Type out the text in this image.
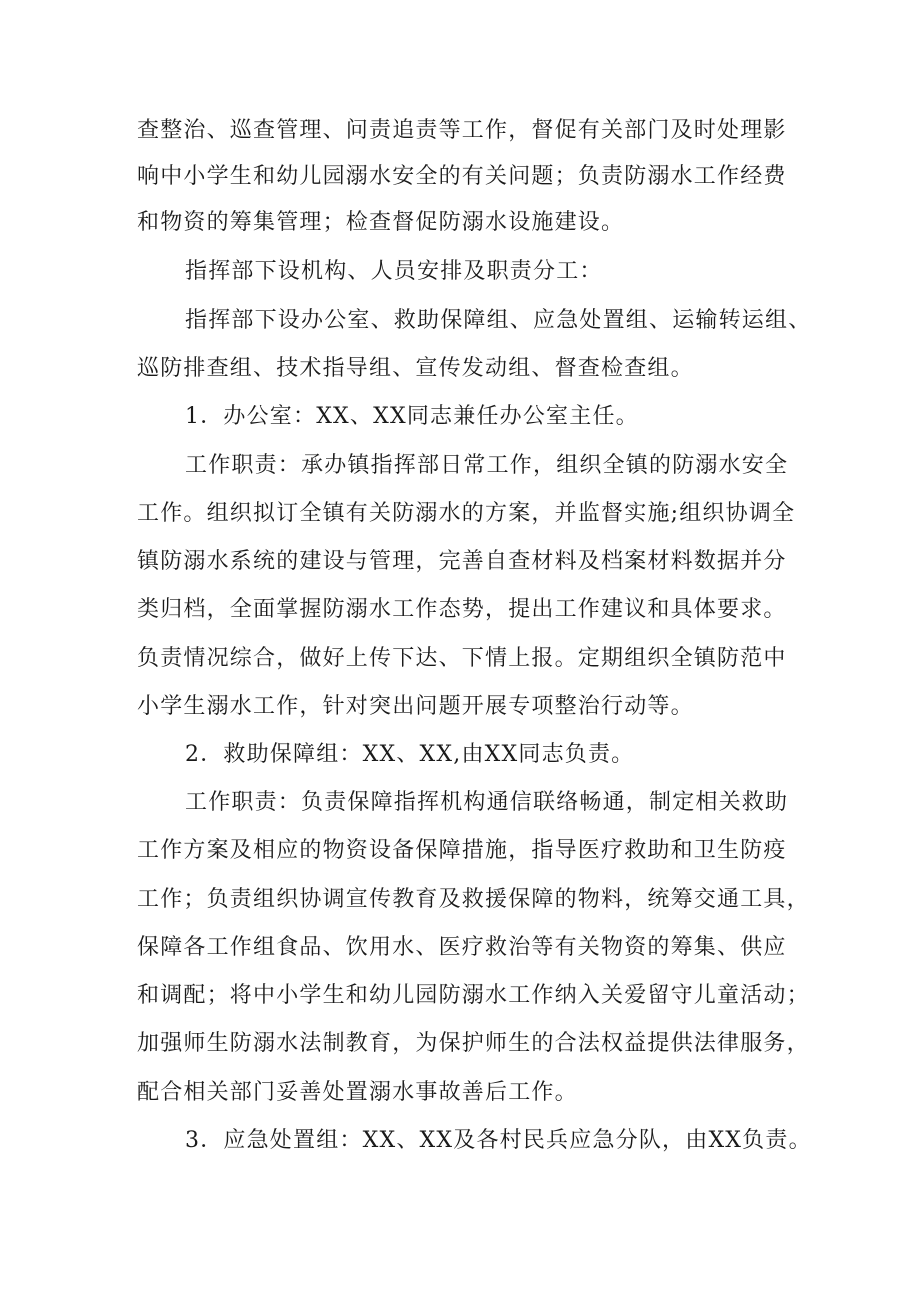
查整治、巡查管理、问责追责等工作，督促有关部门及时处理影
响中小学生和幼儿园溺水安全的有关问题；负责防溺水工作经费
和物资的筹集管理；检查督促防溺水设施建设。
指挥部下设机构、人员安排及职责分工：
指挥部下设办公室、救助保障组、应急处置组、运输转运组、
巡防排查组、技术指导组、宣传发动组、督查检查组。
1．办公室：XX、XX同志兼任办公室主任。
工作职责：承办镇指挥部日常工作，组织全镇的防溺水安全
工作。组织拟订全镇有关防溺水的方案，并监督实施;组织协调全
镇防溺水系统的建设与管理，完善自查材料及档案材料数据并分
类归档，全面掌握防溺水工作态势，提出工作建议和具体要求。
负责情况综合，做好上传下达、下情上报。定期组织全镇防范中
小学生溺水工作，针对突出问题开展专项整治行动等。
2．救助保障组：XX、XX,由XX同志负责。
工作职责：负责保障指挥机构通信联络畅通，制定相关救助
工作方案及相应的物资设备保障措施，指导医疗救助和卫生防疫
工作；负责组织协调宣传教育及救援保障的物料，统筹交通工具，
保障各工作组食品、饮用水、医疗救治等有关物资的筹集、供应
和调配；将中小学生和幼儿园防溺水工作纳入关爱留守儿童活动；
加强师生防溺水法制教育，为保护师生的合法权益提供法律服务，
配合相关部门妥善处置溺水事故善后工作。
3．应急处置组：XX、XX及各村民兵应急分队，由XX负责。
